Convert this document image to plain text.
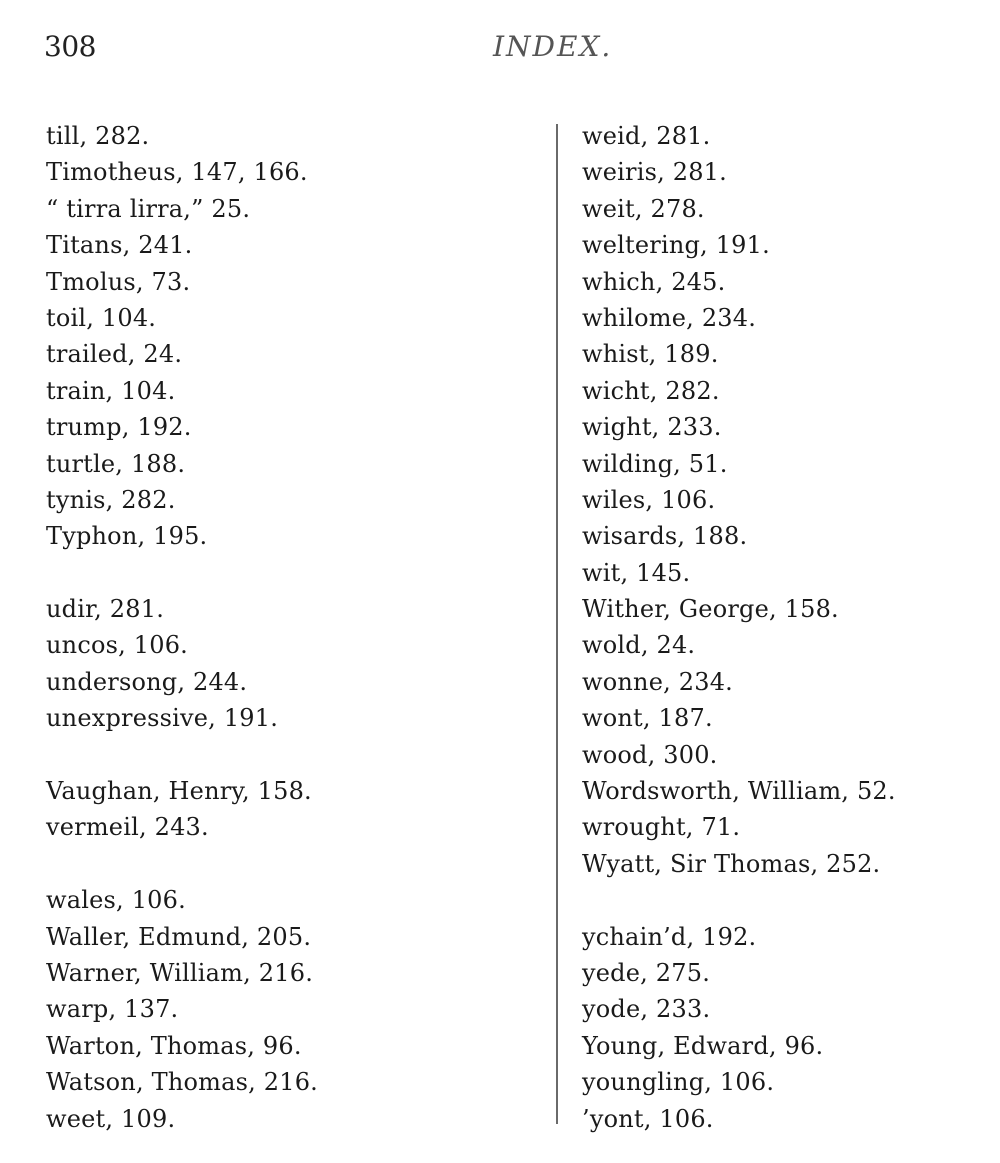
308	INDEX.
till, 282.
Timotheus, 147, 166.
“ tirra lirra,” 25.
Titans, 241.
Tmolus, 73.
toil, 104.
trailed, 24.
train, 104.
trump, 192.
turtle, 188.
tynis, 282.
Typhon, 195.
udir, 281.
uncos, 106.
undersong, 244.
unexpressive, 191.
Vaughan, Henry, 158.
vermeil, 243.
wales, 106.
Waller, Edmund, 205.
Warner, William, 216.
warp, 137.
Warton, Thomas, 96.
Watson, Thomas, 216.
weet, 109.
weid, 281.
weiris, 281.
weit, 278.
weltering, 191.
which, 245.
whilome, 234.
whist, 189.
wicht, 282.
wight, 233.
wilding, 51.
wiles, 106.
wisards, 188.
wit, 145.
Wither, George, 158.
wold, 24.
wonne, 234.
wont, 187.
wood, 300.
Wordsworth, William, 52.
wrought, 71.
Wyatt, Sir Thomas, 252.
ychain’d, 192.
yede, 275.
yode, 233.
Young, Edward, 96.
youngling, 106.
’yont, 106.
